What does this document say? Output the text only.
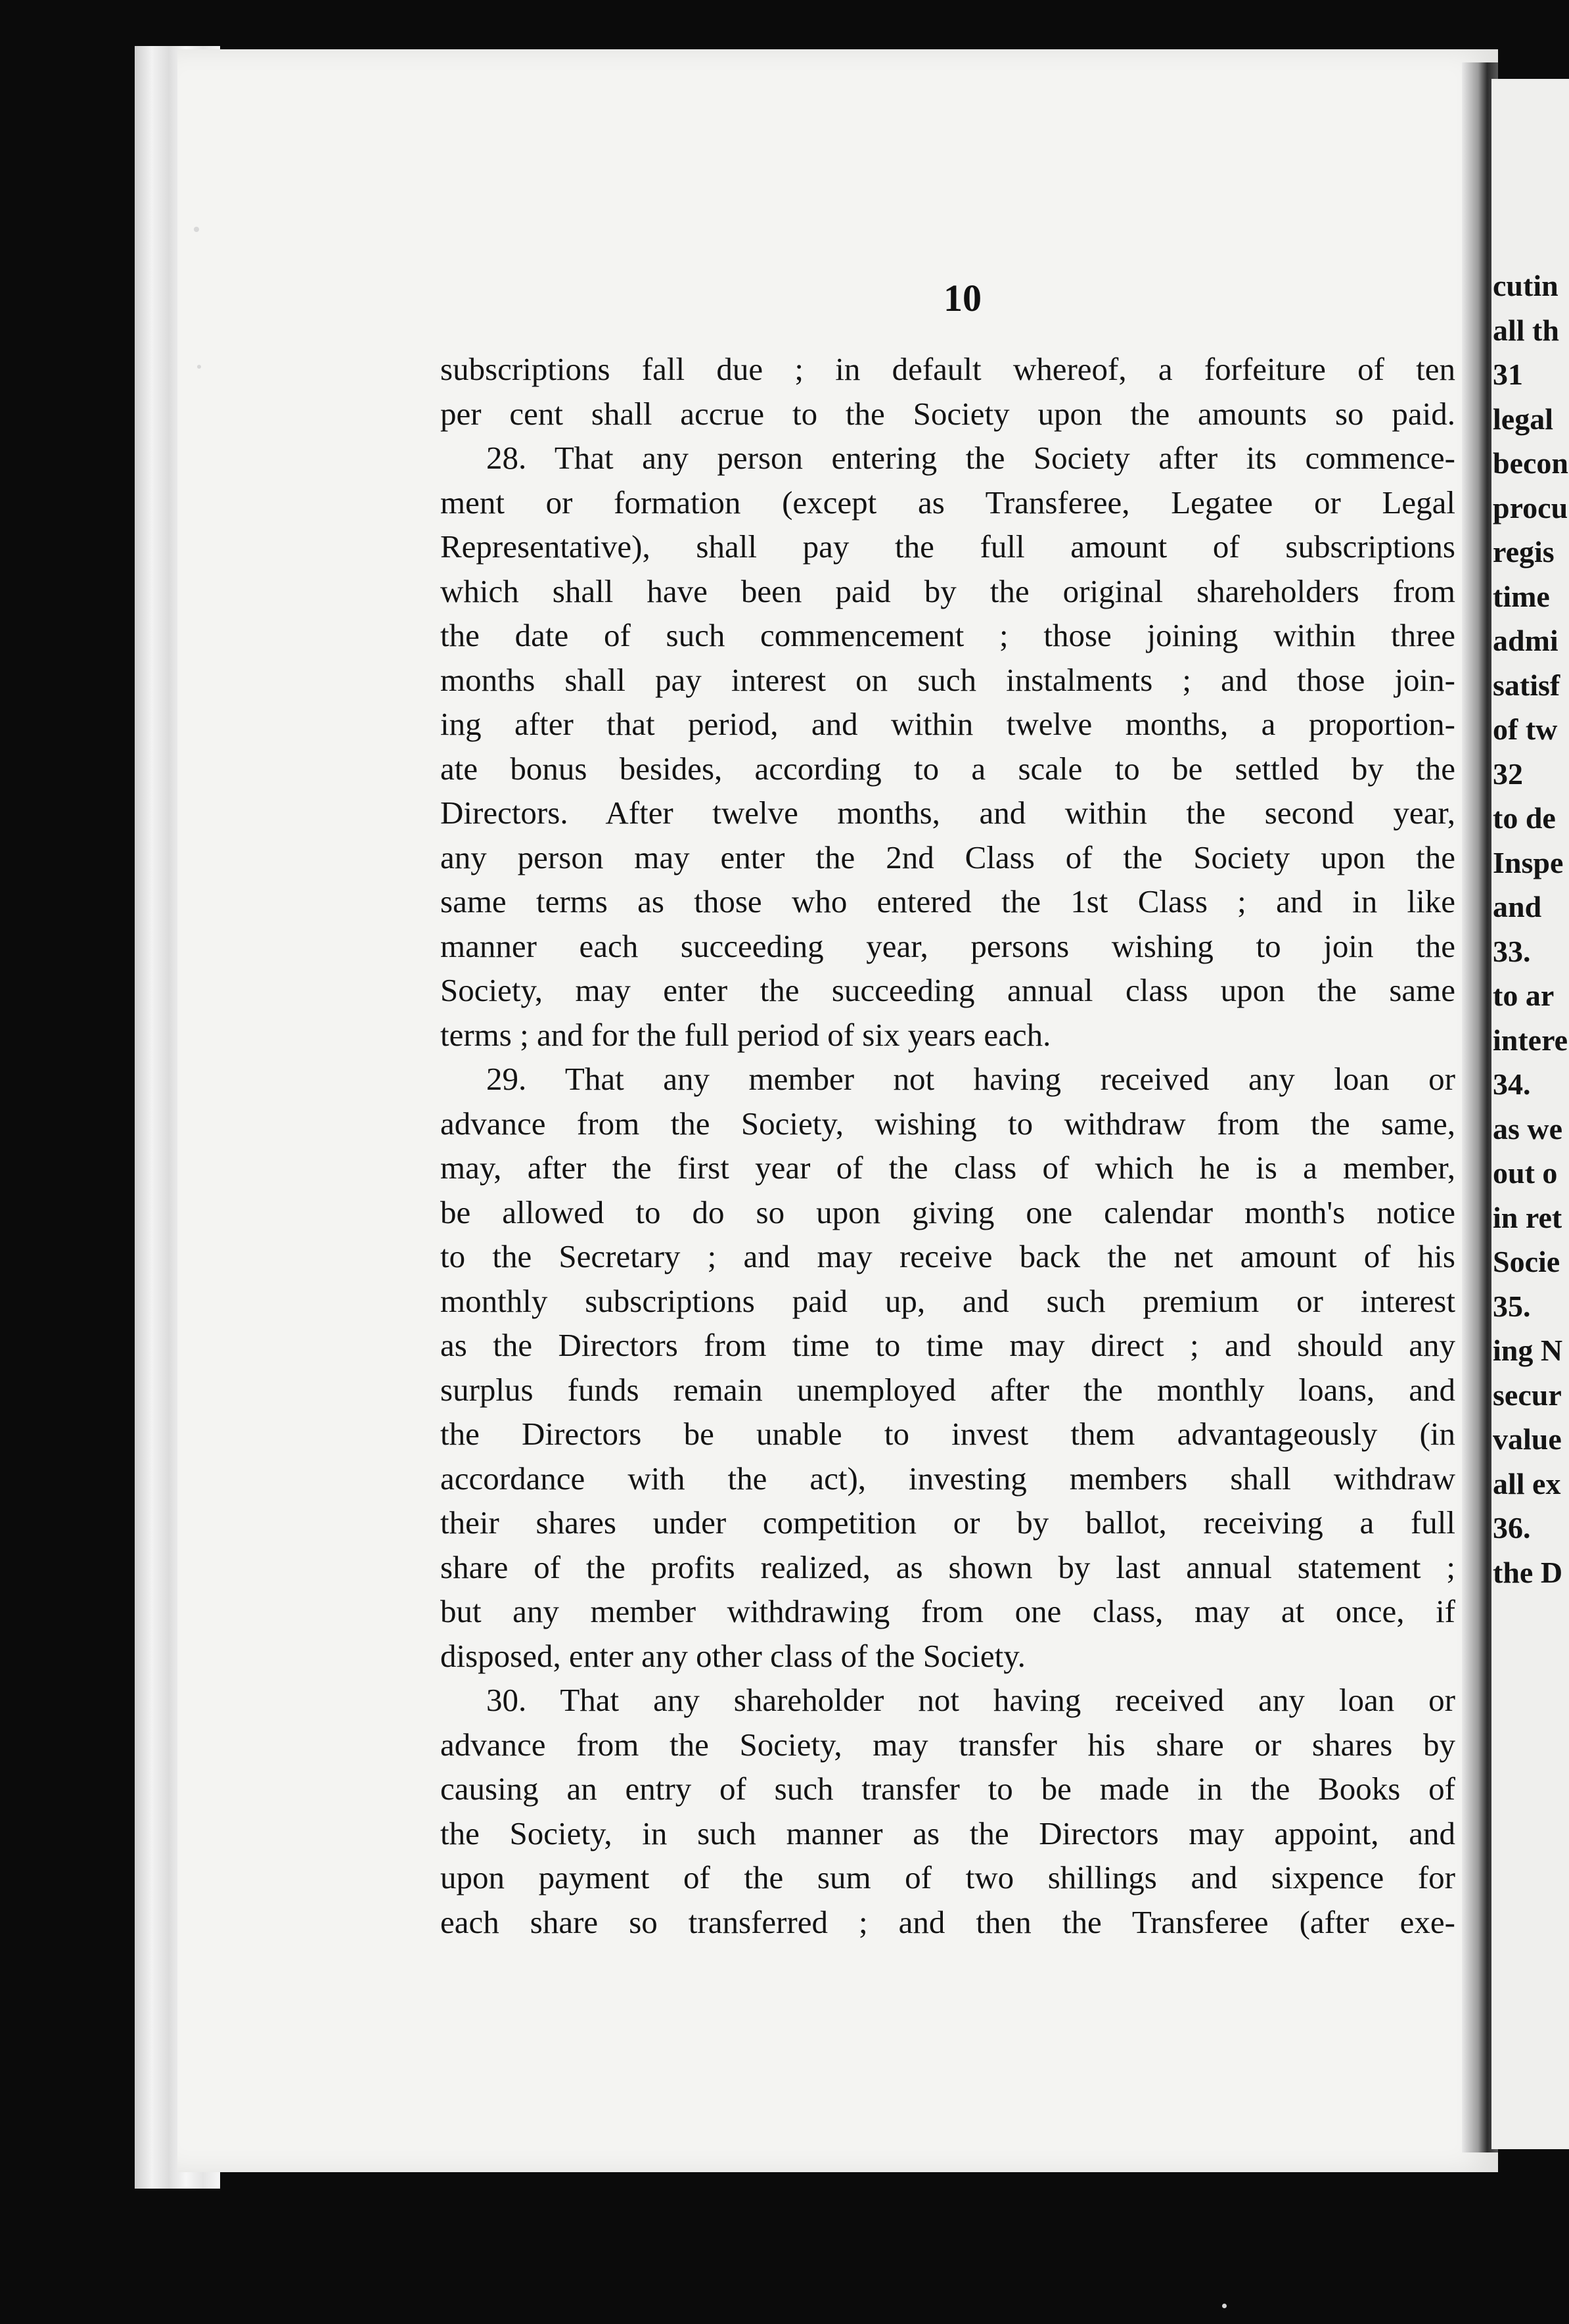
cutin
all th
31
legal
becon
procu
regis
time
admi
satisf
of tw
32
to de
Inspe
and
33.
to ar
intere
34.
as we
out o
in ret
Socie
35.
ing N
secur
value
all ex
36.
the D
10
subscriptions fall due ; in default whereof, a forfeiture of ten
per cent shall accrue to the Society upon the amounts so paid.
28. That any person entering the Society after its commence-
ment or formation (except as Transferee, Legatee or Legal
Representative), shall pay the full amount of subscriptions
which shall have been paid by the original shareholders from
the date of such commencement ; those joining within three
months shall pay interest on such instalments ; and those join-
ing after that period, and within twelve months, a proportion-
ate bonus besides, according to a scale to be settled by the
Directors. After twelve months, and within the second year,
any person may enter the 2nd Class of the Society upon the
same terms as those who entered the 1st Class ; and in like
manner each succeeding year, persons wishing to join the
Society, may enter the succeeding annual class upon the same
terms ; and for the full period of six years each.
29. That any member not having received any loan or
advance from the Society, wishing to withdraw from the same,
may, after the first year of the class of which he is a member,
be allowed to do so upon giving one calendar month's notice
to the Secretary ; and may receive back the net amount of his
monthly subscriptions paid up, and such premium or interest
as the Directors from time to time may direct ; and should any
surplus funds remain unemployed after the monthly loans, and
the Directors be unable to invest them advantageously (in
accordance with the act), investing members shall withdraw
their shares under competition or by ballot, receiving a full
share of the profits realized, as shown by last annual statement ;
but any member withdrawing from one class, may at once, if
disposed, enter any other class of the Society.
30. That any shareholder not having received any loan or
advance from the Society, may transfer his share or shares by
causing an entry of such transfer to be made in the Books of
the Society, in such manner as the Directors may appoint, and
upon payment of the sum of two shillings and sixpence for
each share so transferred ; and then the Transferee (after exe-
